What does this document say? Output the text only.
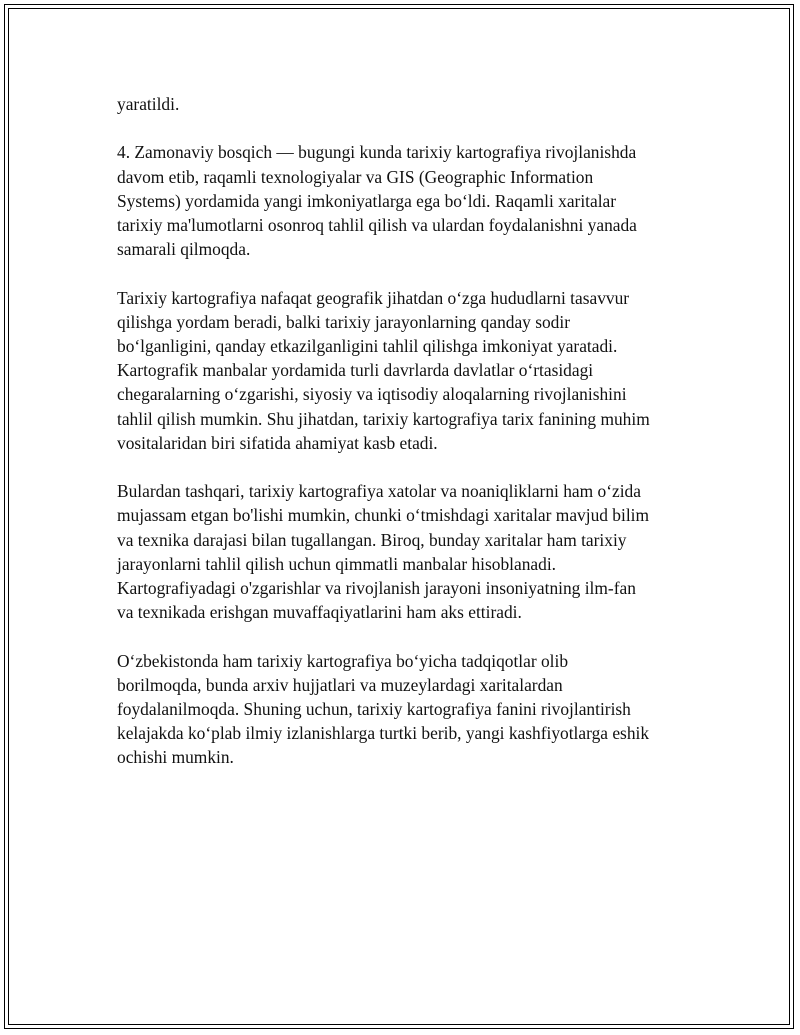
yaratildi.

4. Zamonaviy bosqich — bugungi kunda tarixiy kartografiya rivojlanishda
davom etib, raqamli texnologiyalar va GIS (Geographic Information
Systems) yordamida yangi imkoniyatlarga ega bo‘ldi. Raqamli xaritalar
tarixiy ma'lumotlarni osonroq tahlil qilish va ulardan foydalanishni yanada
samarali qilmoqda.

Tarixiy kartografiya nafaqat geografik jihatdan o‘zga hududlarni tasavvur
qilishga yordam beradi, balki tarixiy jarayonlarning qanday sodir
bo‘lganligini, qanday etkazilganligini tahlil qilishga imkoniyat yaratadi.
Kartografik manbalar yordamida turli davrlarda davlatlar o‘rtasidagi
chegaralarning o‘zgarishi, siyosiy va iqtisodiy aloqalarning rivojlanishini
tahlil qilish mumkin. Shu jihatdan, tarixiy kartografiya tarix fanining muhim
vositalaridan biri sifatida ahamiyat kasb etadi.

Bulardan tashqari, tarixiy kartografiya xatolar va noaniqliklarni ham o‘zida
mujassam etgan bo'lishi mumkin, chunki o‘tmishdagi xaritalar mavjud bilim
va texnika darajasi bilan tugallangan. Biroq, bunday xaritalar ham tarixiy
jarayonlarni tahlil qilish uchun qimmatli manbalar hisoblanadi.
Kartografiyadagi o'zgarishlar va rivojlanish jarayoni insoniyatning ilm-fan
va texnikada erishgan muvaffaqiyatlarini ham aks ettiradi.

O‘zbekistonda ham tarixiy kartografiya bo‘yicha tadqiqotlar olib
borilmoqda, bunda arxiv hujjatlari va muzeylardagi xaritalardan
foydalanilmoqda. Shuning uchun, tarixiy kartografiya fanini rivojlantirish
kelajakda ko‘plab ilmiy izlanishlarga turtki berib, yangi kashfiyotlarga eshik
ochishi mumkin.
